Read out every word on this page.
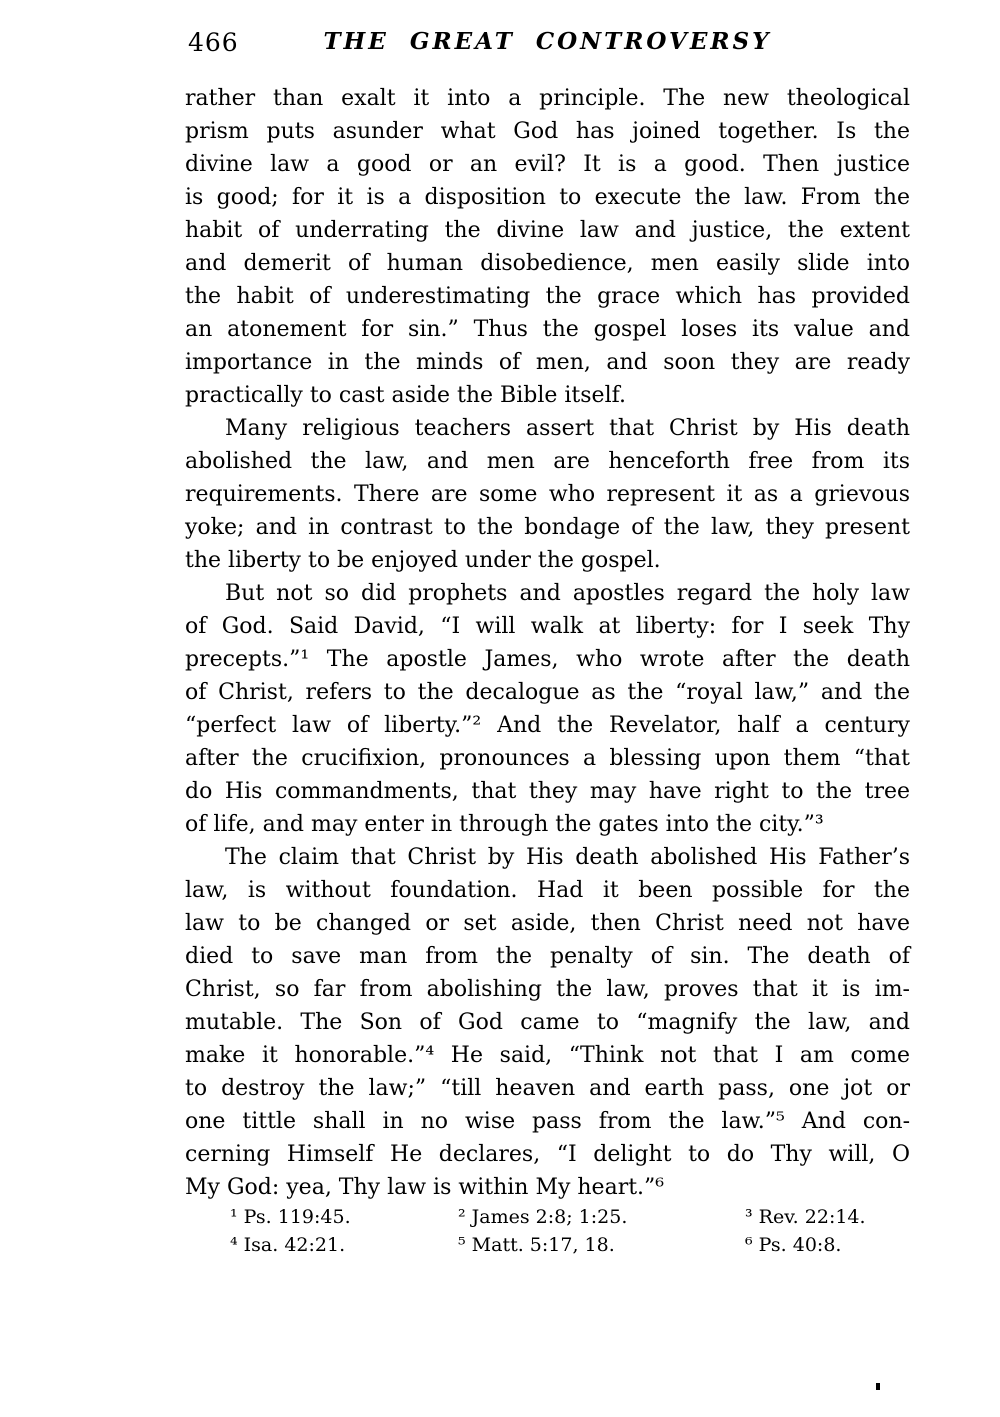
466	THE GREAT CONTROVERSY
rather than exalt it into a principle. The new theological
prism puts asunder what God has joined together. Is the
divine law a good or an evil? It is a good. Then justice
is good; for it is a disposition to execute the law. From the
habit of underrating the divine law and justice, the extent
and demerit of human disobedience, men easily slide into
the habit of underestimating the grace which has provided
an atonement for sin.” Thus the gospel loses its value and
importance in the minds of men, and soon they are ready
practically to cast aside the Bible itself.
Many religious teachers assert that Christ by His death
abolished the law, and men are henceforth free from its
requirements. There are some who represent it as a grievous
yoke; and in contrast to the bondage of the law, they present
the liberty to be enjoyed under the gospel.
But not so did prophets and apostles regard the holy law
of God. Said David, “I will walk at liberty: for I seek Thy
precepts.”¹ The apostle James, who wrote after the death
of Christ, refers to the decalogue as the “royal law,” and the
“perfect law of liberty.”² And the Revelator, half a century
after the crucifixion, pronounces a blessing upon them “that
do His commandments, that they may have right to the tree
of life, and may enter in through the gates into the city.”³
The claim that Christ by His death abolished His Father’s
law, is without foundation. Had it been possible for the
law to be changed or set aside, then Christ need not have
died to save man from the penalty of sin. The death of
Christ, so far from abolishing the law, proves that it is im-
mutable. The Son of God came to “magnify the law, and
make it honorable.”⁴ He said, “Think not that I am come
to destroy the law;” “till heaven and earth pass, one jot or
one tittle shall in no wise pass from the law.”⁵ And con-
cerning Himself He declares, “I delight to do Thy will, O
My God: yea, Thy law is within My heart.”⁶
¹ Ps. 119:45.	² James 2:8; 1:25.	³ Rev. 22:14.
⁴ Isa. 42:21.	⁵ Matt. 5:17, 18.	⁶ Ps. 40:8.
